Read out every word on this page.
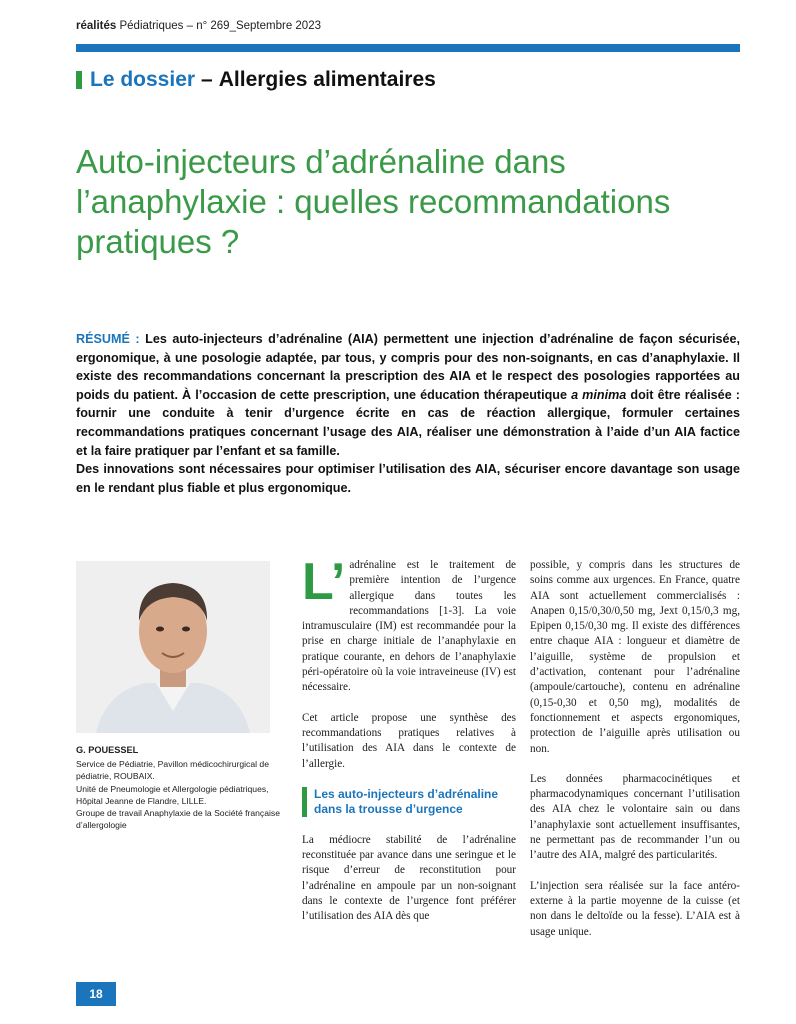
réalités Pédiatriques – n° 269_Septembre 2023
Le dossier – Allergies alimentaires
Auto-injecteurs d’adrénaline dans l’anaphylaxie : quelles recommandations pratiques ?

RÉSUMÉ : Les auto-injecteurs d’adrénaline (AIA) permettent une injection d’adrénaline de façon sécurisée, ergonomique, à une posologie adaptée, par tous, y compris pour des non-soignants, en cas d’anaphylaxie. Il existe des recommandations concernant la prescription des AIA et le respect des posologies rapportées au poids du patient. À l’occasion de cette prescription, une éducation thérapeutique a minima doit être réalisée : fournir une conduite à tenir d’urgence écrite en cas de réaction allergique, formuler certaines recommandations pratiques concernant l’usage des AIA, réaliser une démonstration à l’aide d’un AIA factice et la faire pratiquer par l’enfant et sa famille.

Des innovations sont nécessaires pour optimiser l’utilisation des AIA, sécuriser encore davantage son usage en le rendant plus fiable et plus ergonomique.

G. POUESSEL
Service de Pédiatrie, Pavillon médicochirurgical de pédiatrie, ROUBAIX.
Unité de Pneumologie et Allergologie pédiatriques, Hôpital Jeanne de Flandre, LILLE.
Groupe de travail Anaphylaxie de la Société française d’allergologie

L’ adrénaline est le traitement de première intention de l’urgence allergique dans toutes les recommandations [1-3]. La voie intramusculaire (IM) est recommandée pour la prise en charge initiale de l’anaphylaxie en pratique courante, en dehors de l’anaphylaxie péri-opératoire où la voie intraveineuse (IV) est nécessaire.

Cet article propose une synthèse des recommandations pratiques relatives à l’utilisation des AIA dans le contexte de l’allergie.

Les auto-injecteurs d’adrénaline dans la trousse d’urgence

La médiocre stabilité de l’adrénaline reconstituée par avance dans une seringue et le risque d’erreur de reconstitution pour l’adrénaline en ampoule par un non-soignant dans le contexte de l’urgence font préférer l’utilisation des AIA dès que

possible, y compris dans les structures de soins comme aux urgences. En France, quatre AIA sont actuellement commercialisés : Anapen 0,15/0,30/0,50 mg, Jext 0,15/0,3 mg, Epipen 0,15/0,30 mg. Il existe des différences entre chaque AIA : longueur et diamètre de l’aiguille, système de propulsion et d’activation, contenant pour l’adrénaline (ampoule/cartouche), contenu en adrénaline (0,15-0,30 et 0,50 mg), modalités de fonctionnement et aspects ergonomiques, protection de l’aiguille après utilisation ou non.

Les données pharmacocinétiques et pharmacodynamiques concernant l’utilisation des AIA chez le volontaire sain ou dans l’anaphylaxie sont actuellement insuffisantes, ne permettant pas de recommander l’un ou l’autre des AIA, malgré des particularités.

L’injection sera réalisée sur la face antéro-externe à la partie moyenne de la cuisse (et non dans le deltoïde ou la fesse). L’AIA est à usage unique.

18
